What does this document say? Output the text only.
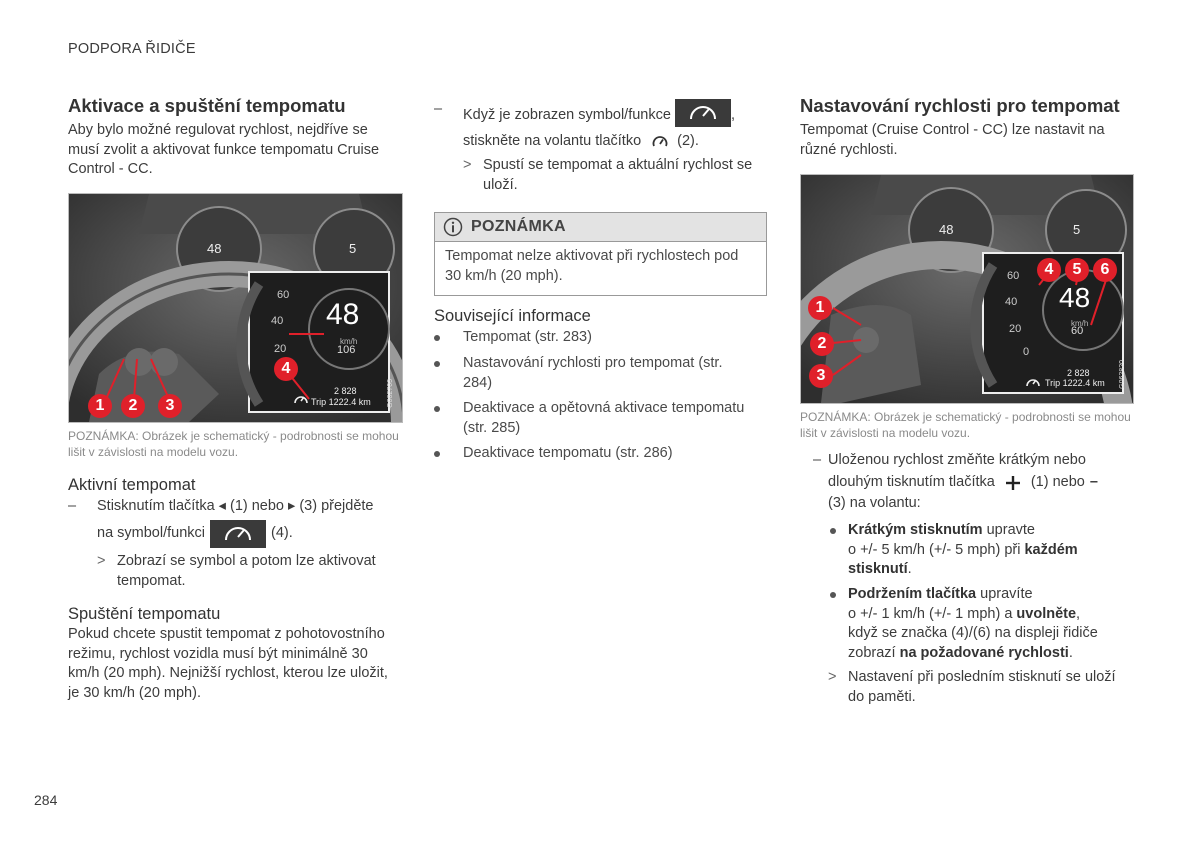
PODPORA ŘIDIČE
Aktivace a spuštění tempomatu

Aby bylo možné regulovat rychlost, nejdříve se musí zvolit a aktivovat funkce tempomatu Cruise Control - CC.

48	5
60
40
20
48
km/h
106
2 828
Trip 1222.4 km	G062703
4
1	2	3
POZNÁMKA: Obrázek je schematický - podrobnosti se mohou lišit v závislosti na modelu vozu.
Aktivní tempomat
–	Stisknutím tlačítka ◂ (1) nebo ▸ (3) přejděte
na symbol/funkci	(4).
> Zobrazí se symbol a potom lze aktivovat tempomat.

Spuštění tempomatu

Pokud chcete spustit tempomat z pohotovostního režimu, rychlost vozidla musí být minimálně 30 km/h (20 mph). Nejnižší rychlost, kterou lze uložit, je 30 km/h (20 mph).

–	Když je zobrazen symbol/funkce	,
stiskněte na volantu tlačítko (2).
> Spustí se tempomat a aktuální rychlost se uloží.

POZNÁMKA
Tempomat nelze aktivovat při rychlostech pod 30 km/h (20 mph).
Související informace
Tempomat (str. 283)
Nastavování rychlosti pro tempomat (str. 284)
Deaktivace a opětovná aktivace tempomatu (str. 285)
Deaktivace tempomatu (str. 286)
Nastavování rychlosti pro tempomat

Tempomat (Cruise Control - CC) lze nastavit na různé rychlosti.

48	5
60
40
20
0
48
km/h
60
2 828
Trip 1222.4 km	G062820
1
2
3
4	5	6
POZNÁMKA: Obrázek je schematický - podrobnosti se mohou lišit v závislosti na modelu vozu.
– Uloženou rychlost změňte krátkým nebo

dlouhým tisknutím tlačítka (1) nebo –
(3) na volantu:
Krátkým stisknutím upravte
o +/- 5 km/h (+/- 5 mph) při každém stisknutí.
Podržením tlačítka upravíte
o +/- 1 km/h (+/- 1 mph) a uvolněte,
když se značka (4)/(6) na displeji řidiče
zobrazí na požadované rychlosti.
> Nastavení při posledním stisknutí se uloží do paměti.

284
